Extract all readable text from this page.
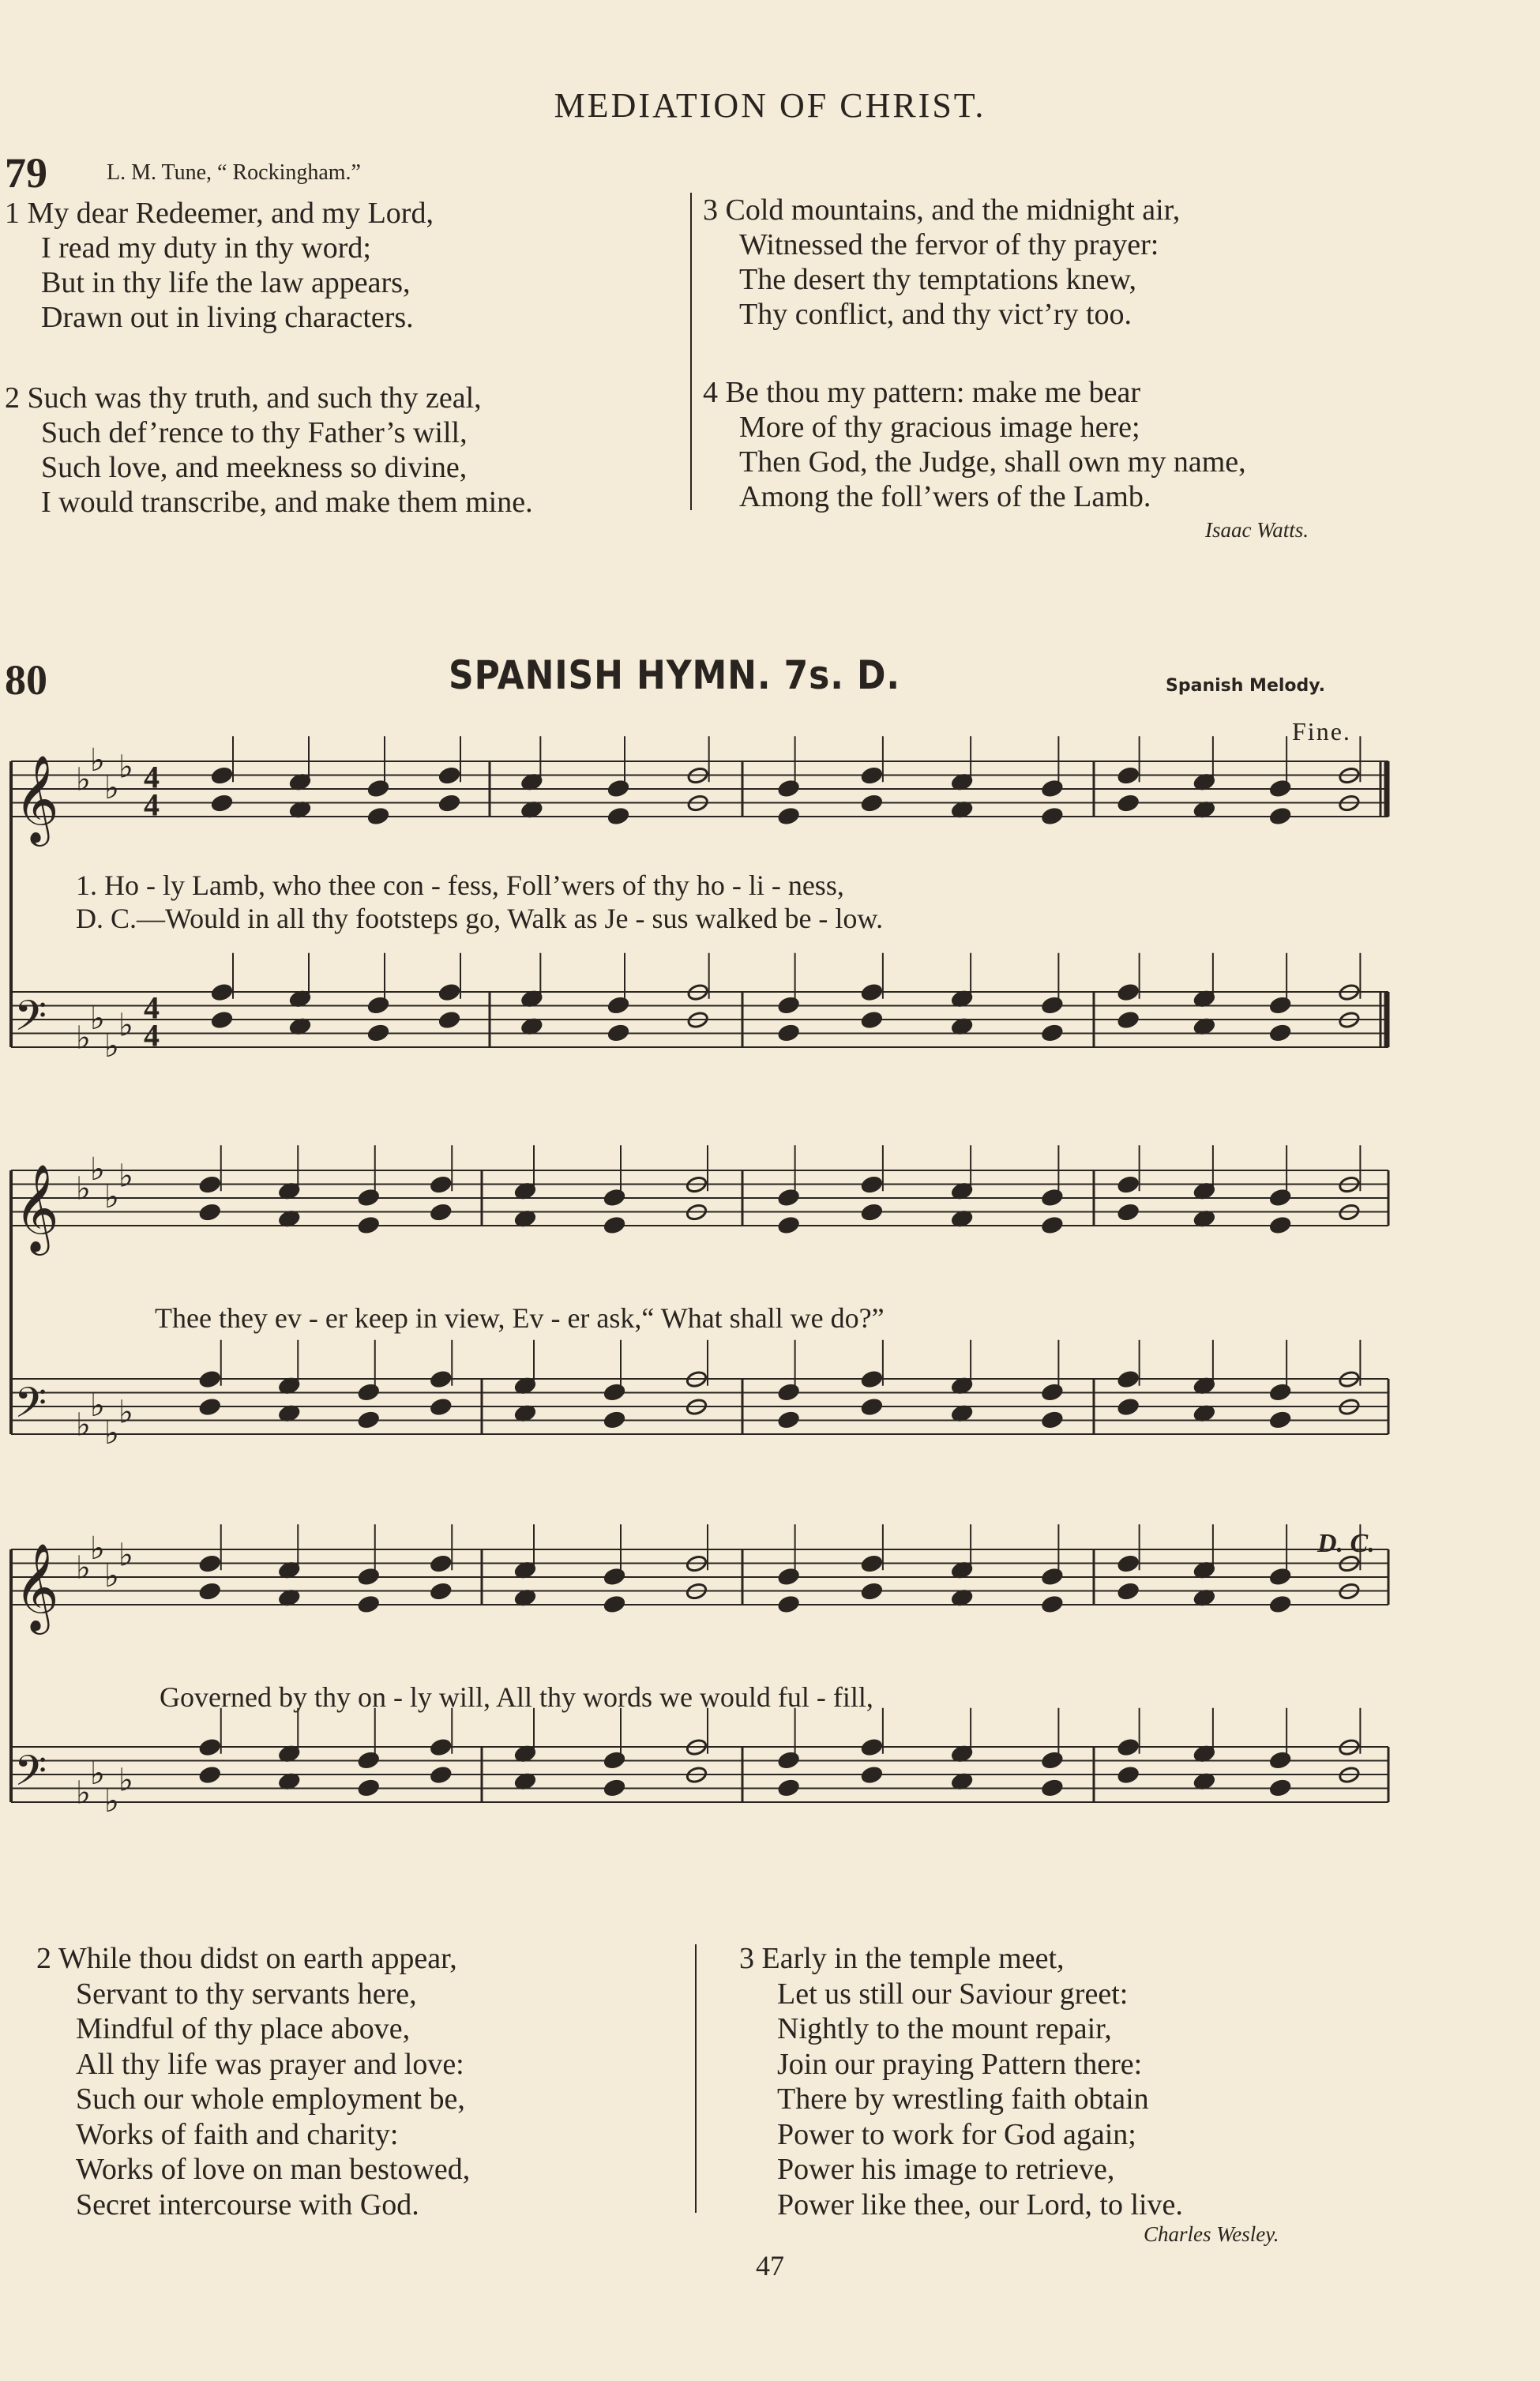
MEDIATION OF CHRIST.
79	L. M. Tune, “ Rockingham.”
1 My dear Redeemer, and my Lord,
I read my duty in thy word;
But in thy life the law appears,
Drawn out in living characters.
2 Such was thy truth, and such thy zeal,
Such def’rence to thy Father’s will,
Such love, and meekness so divine,
I would transcribe, and make them mine.
3 Cold mountains, and the midnight air,
Witnessed the fervor of thy prayer:
The desert thy temptations knew,
Thy conflict, and thy vict’ry too.
4 Be thou my pattern: make me bear
More of thy gracious image here;
Then God, the Judge, shall own my name,
Among the foll’wers of the Lamb.
Isaac Watts.
80	SPANISH HYMN. 7s. D.	Spanish Melody.
Fine.
D. C.
𝄞 ♭
♭
♭
♭ 4
4
𝄢 ♭
♭
♭
♭ 4
4
𝄞 ♭
♭
♭
♭
𝄢 ♭
♭
♭
♭
𝄞 ♭
♭
♭
♭
𝄢 ♭
♭
♭
♭
1. Ho - ly Lamb, who thee con - fess, Foll’wers of thy ho - li - ness,
D. C.—Would in all thy footsteps go, Walk as Je - sus walked be - low.
Thee they ev - er keep in view, Ev - er ask,“ What shall we do?”
Governed by thy on - ly will, All thy words we would ful - fill,
2 While thou didst on earth appear,
Servant to thy servants here,
Mindful of thy place above,
All thy life was prayer and love:
Such our whole employment be,
Works of faith and charity:
Works of love on man bestowed,
Secret intercourse with God.
3 Early in the temple meet,
Let us still our Saviour greet:
Nightly to the mount repair,
Join our praying Pattern there:
There by wrestling faith obtain
Power to work for God again;
Power his image to retrieve,
Power like thee, our Lord, to live.
Charles Wesley.
47
